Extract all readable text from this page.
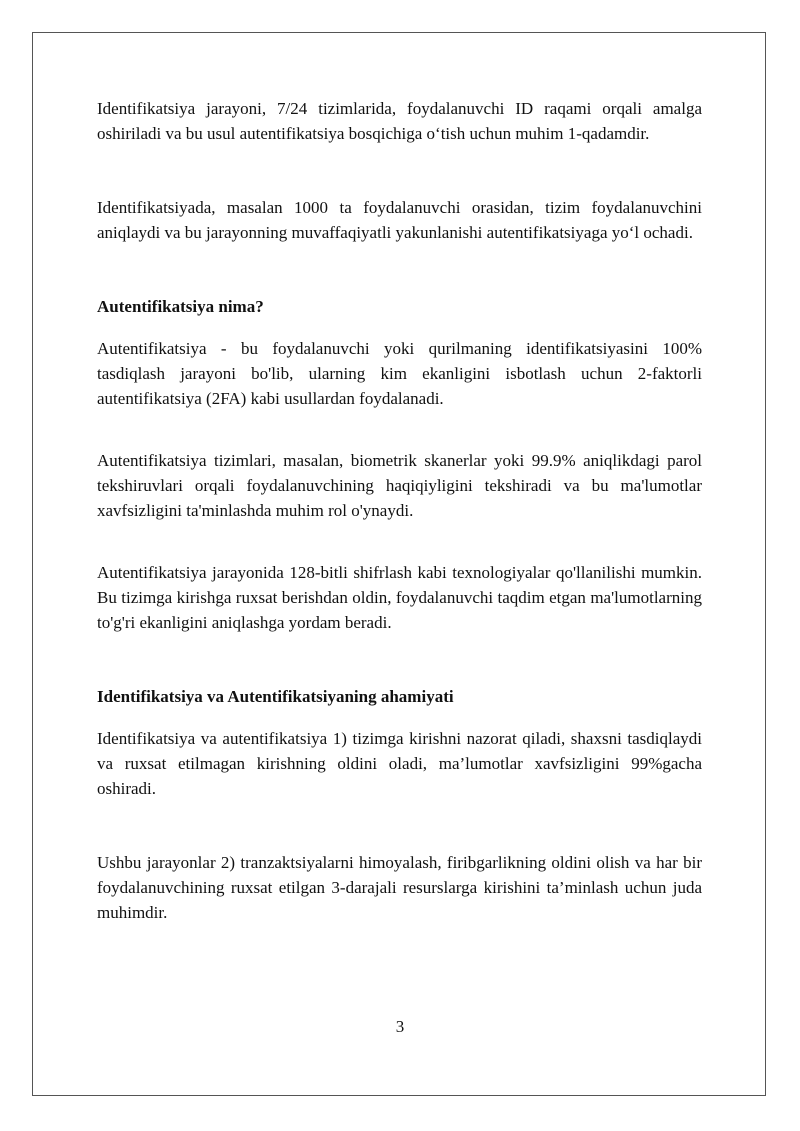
Identifikatsiya jarayoni, 7/24 tizimlarida, foydalanuvchi ID raqami orqali amalga oshiriladi va bu usul autentifikatsiya bosqichiga o‘tish uchun muhim 1-qadamdir.

Identifikatsiyada, masalan 1000 ta foydalanuvchi orasidan, tizim foydalanuvchini aniqlaydi va bu jarayonning muvaffaqiyatli yakunlanishi autentifikatsiyaga yo‘l ochadi.

Autentifikatsiya nima?

Autentifikatsiya - bu foydalanuvchi yoki qurilmaning identifikatsiyasini 100% tasdiqlash jarayoni bo'lib, ularning kim ekanligini isbotlash uchun 2-faktorli autentifikatsiya (2FA) kabi usullardan foydalanadi.

Autentifikatsiya tizimlari, masalan, biometrik skanerlar yoki 99.9% aniqlikdagi parol tekshiruvlari orqali foydalanuvchining haqiqiyligini tekshiradi va bu ma'lumotlar xavfsizligini ta'minlashda muhim rol o'ynaydi.

Autentifikatsiya jarayonida 128-bitli shifrlash kabi texnologiyalar qo'llanilishi mumkin. Bu tizimga kirishga ruxsat berishdan oldin, foydalanuvchi taqdim etgan ma'lumotlarning to'g'ri ekanligini aniqlashga yordam beradi.

Identifikatsiya va Autentifikatsiyaning ahamiyati

Identifikatsiya va autentifikatsiya 1) tizimga kirishni nazorat qiladi, shaxsni tasdiqlaydi va ruxsat etilmagan kirishning oldini oladi, ma’lumotlar xavfsizligini 99%gacha oshiradi.

Ushbu jarayonlar 2) tranzaktsiyalarni himoyalash, firibgarlikning oldini olish va har bir foydalanuvchining ruxsat etilgan 3-darajali resurslarga kirishini ta’minlash uchun juda muhimdir.

3
